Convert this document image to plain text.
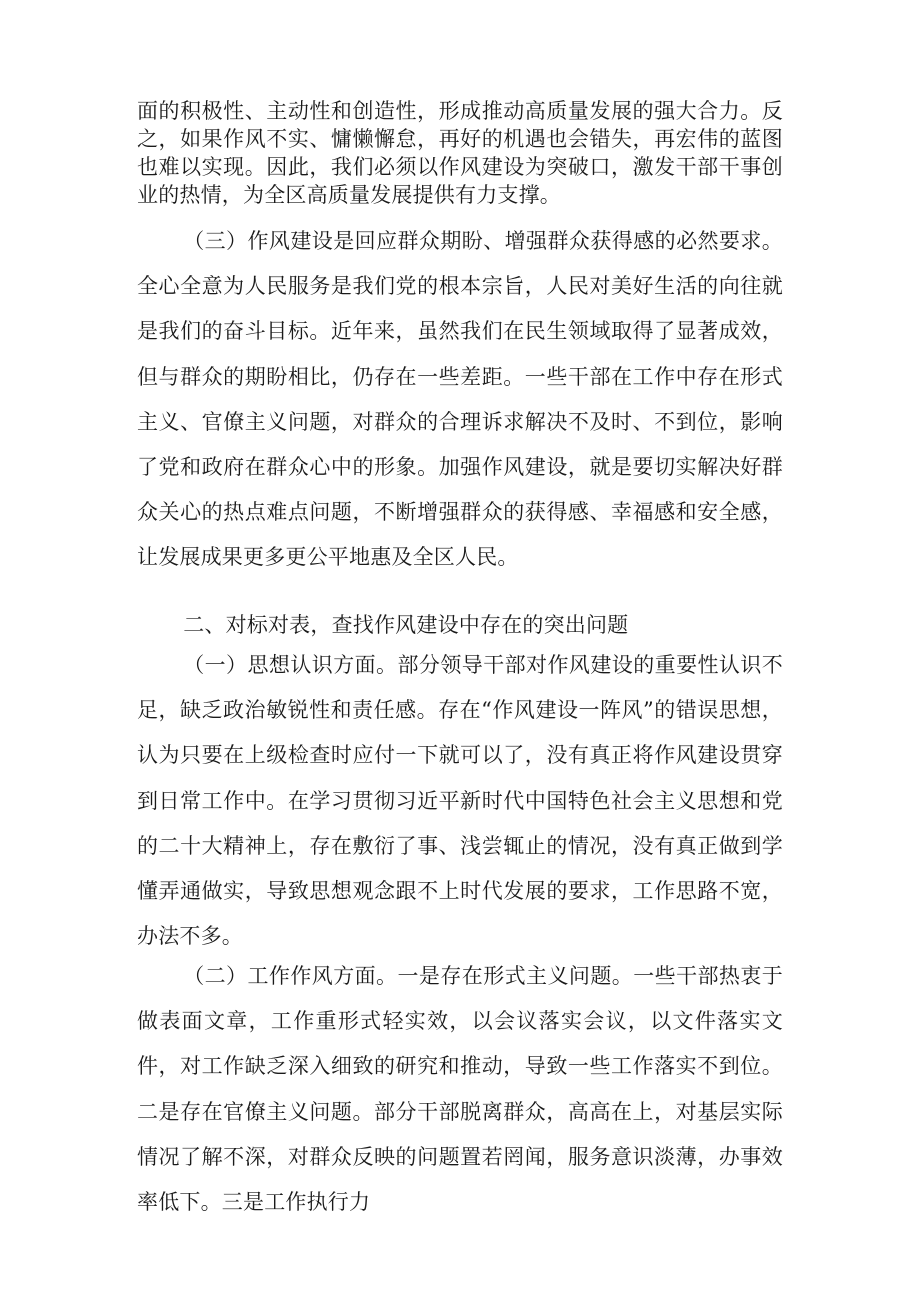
面的积极性、主动性和创造性，形成推动高质量发展的强大合力。反之，如果作风不实、慵懒懈怠，再好的机遇也会错失，再宏伟的蓝图也难以实现。因此，我们必须以作风建设为突破口，激发干部干事创业的热情，为全区高质量发展提供有力支撑。

（三）作风建设是回应群众期盼、增强群众获得感的必然要求。全心全意为人民服务是我们党的根本宗旨，人民对美好生活的向往就是我们的奋斗目标。近年来，虽然我们在民生领域取得了显著成效，但与群众的期盼相比，仍存在一些差距。一些干部在工作中存在形式主义、官僚主义问题，对群众的合理诉求解决不及时、不到位，影响了党和政府在群众心中的形象。加强作风建设，就是要切实解决好群众关心的热点难点问题，不断增强群众的获得感、幸福感和安全感，让发展成果更多更公平地惠及全区人民。

二、对标对表，查找作风建设中存在的突出问题

（一）思想认识方面。部分领导干部对作风建设的重要性认识不足，缺乏政治敏锐性和责任感。存在“作风建设一阵风”的错误思想，认为只要在上级检查时应付一下就可以了，没有真正将作风建设贯穿到日常工作中。在学习贯彻习近平新时代中国特色社会主义思想和党的二十大精神上，存在敷衍了事、浅尝辄止的情况，没有真正做到学懂弄通做实，导致思想观念跟不上时代发展的要求，工作思路不宽，办法不多。

（二）工作作风方面。一是存在形式主义问题。一些干部热衷于做表面文章，工作重形式轻实效，以会议落实会议，以文件落实文件，对工作缺乏深入细致的研究和推动，导致一些工作落实不到位。二是存在官僚主义问题。部分干部脱离群众，高高在上，对基层实际情况了解不深，对群众反映的问题置若罔闻，服务意识淡薄，办事效率低下。三是工作执行力
